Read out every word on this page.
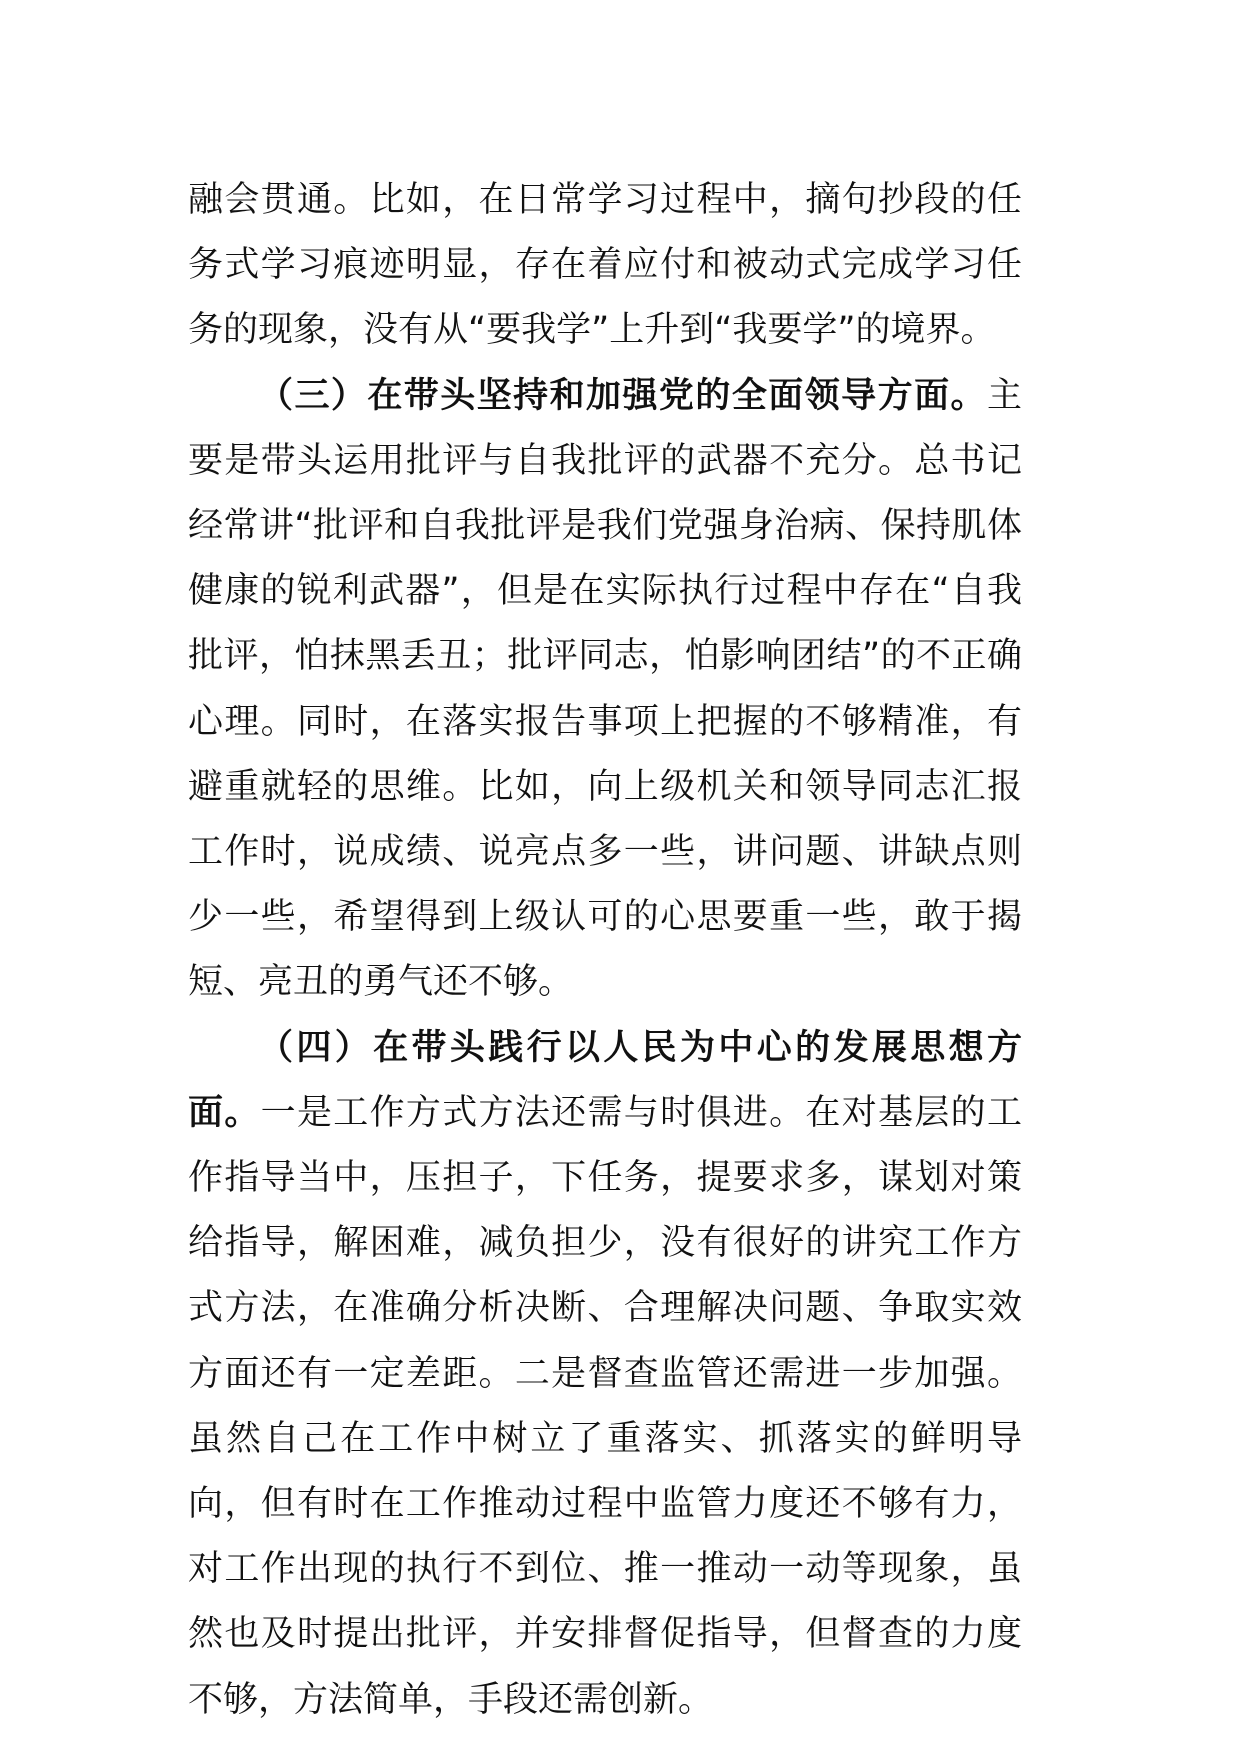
融会贯通。比如，在日常学习过程中，摘句抄段的任务式学习痕迹明显，存在着应付和被动式完成学习任务的现象，没有从“要我学”上升到“我要学”的境界。

（三）在带头坚持和加强党的全面领导方面。主要是带头运用批评与自我批评的武器不充分。总书记经常讲“批评和自我批评是我们党强身治病、保持肌体健康的锐利武器”，但是在实际执行过程中存在“自我批评，怕抹黑丢丑；批评同志，怕影响团结”的不正确心理。同时，在落实报告事项上把握的不够精准，有避重就轻的思维。比如，向上级机关和领导同志汇报工作时，说成绩、说亮点多一些，讲问题、讲缺点则少一些，希望得到上级认可的心思要重一些，敢于揭短、亮丑的勇气还不够。

（四）在带头践行以人民为中心的发展思想方面。一是工作方式方法还需与时俱进。在对基层的工作指导当中，压担子，下任务，提要求多，谋划对策给指导，解困难，减负担少，没有很好的讲究工作方式方法，在准确分析决断、合理解决问题、争取实效方面还有一定差距。二是督查监管还需进一步加强。虽然自己在工作中树立了重落实、抓落实的鲜明导向，但有时在工作推动过程中监管力度还不够有力，对工作出现的执行不到位、推一推动一动等现象，虽然也及时提出批评，并安排督促指导，但督查的力度不够，方法简单，手段还需创新。
